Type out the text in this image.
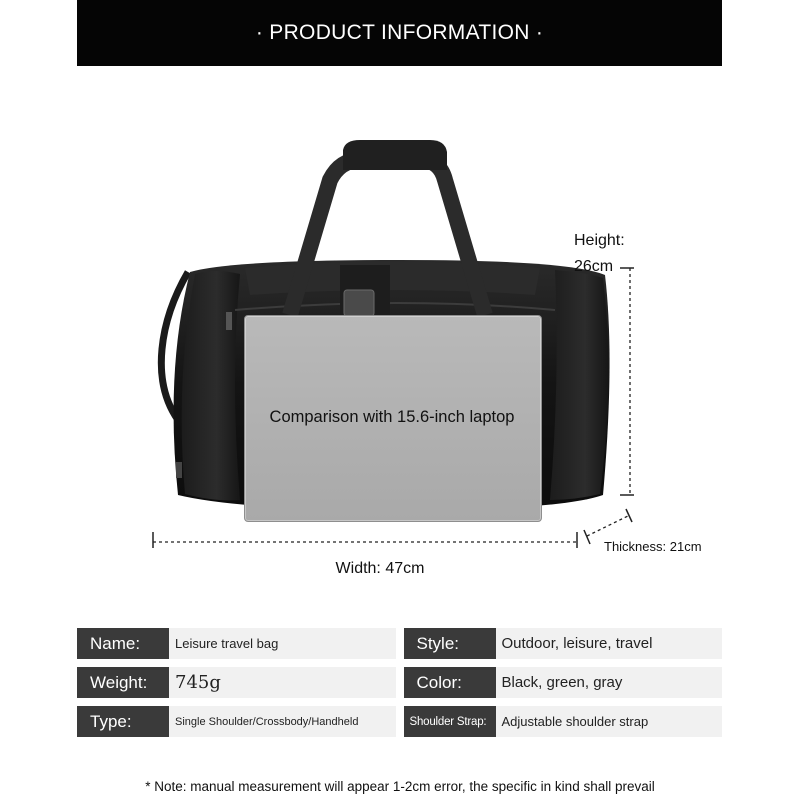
· PRODUCT INFORMATION ·
Comparison with 15.6-inch laptop
Height:
26cm
Width: 47cm
Thickness: 21cm
Name:	Leisure travel bag	Style:	Outdoor, leisure, travel
Weight:	745g	Color:	Black, green, gray
Type:	Single Shoulder/Crossbody/Handheld	Shoulder Strap:	Adjustable shoulder strap
* Note: manual measurement will appear 1-2cm error, the specific in kind shall prevail
